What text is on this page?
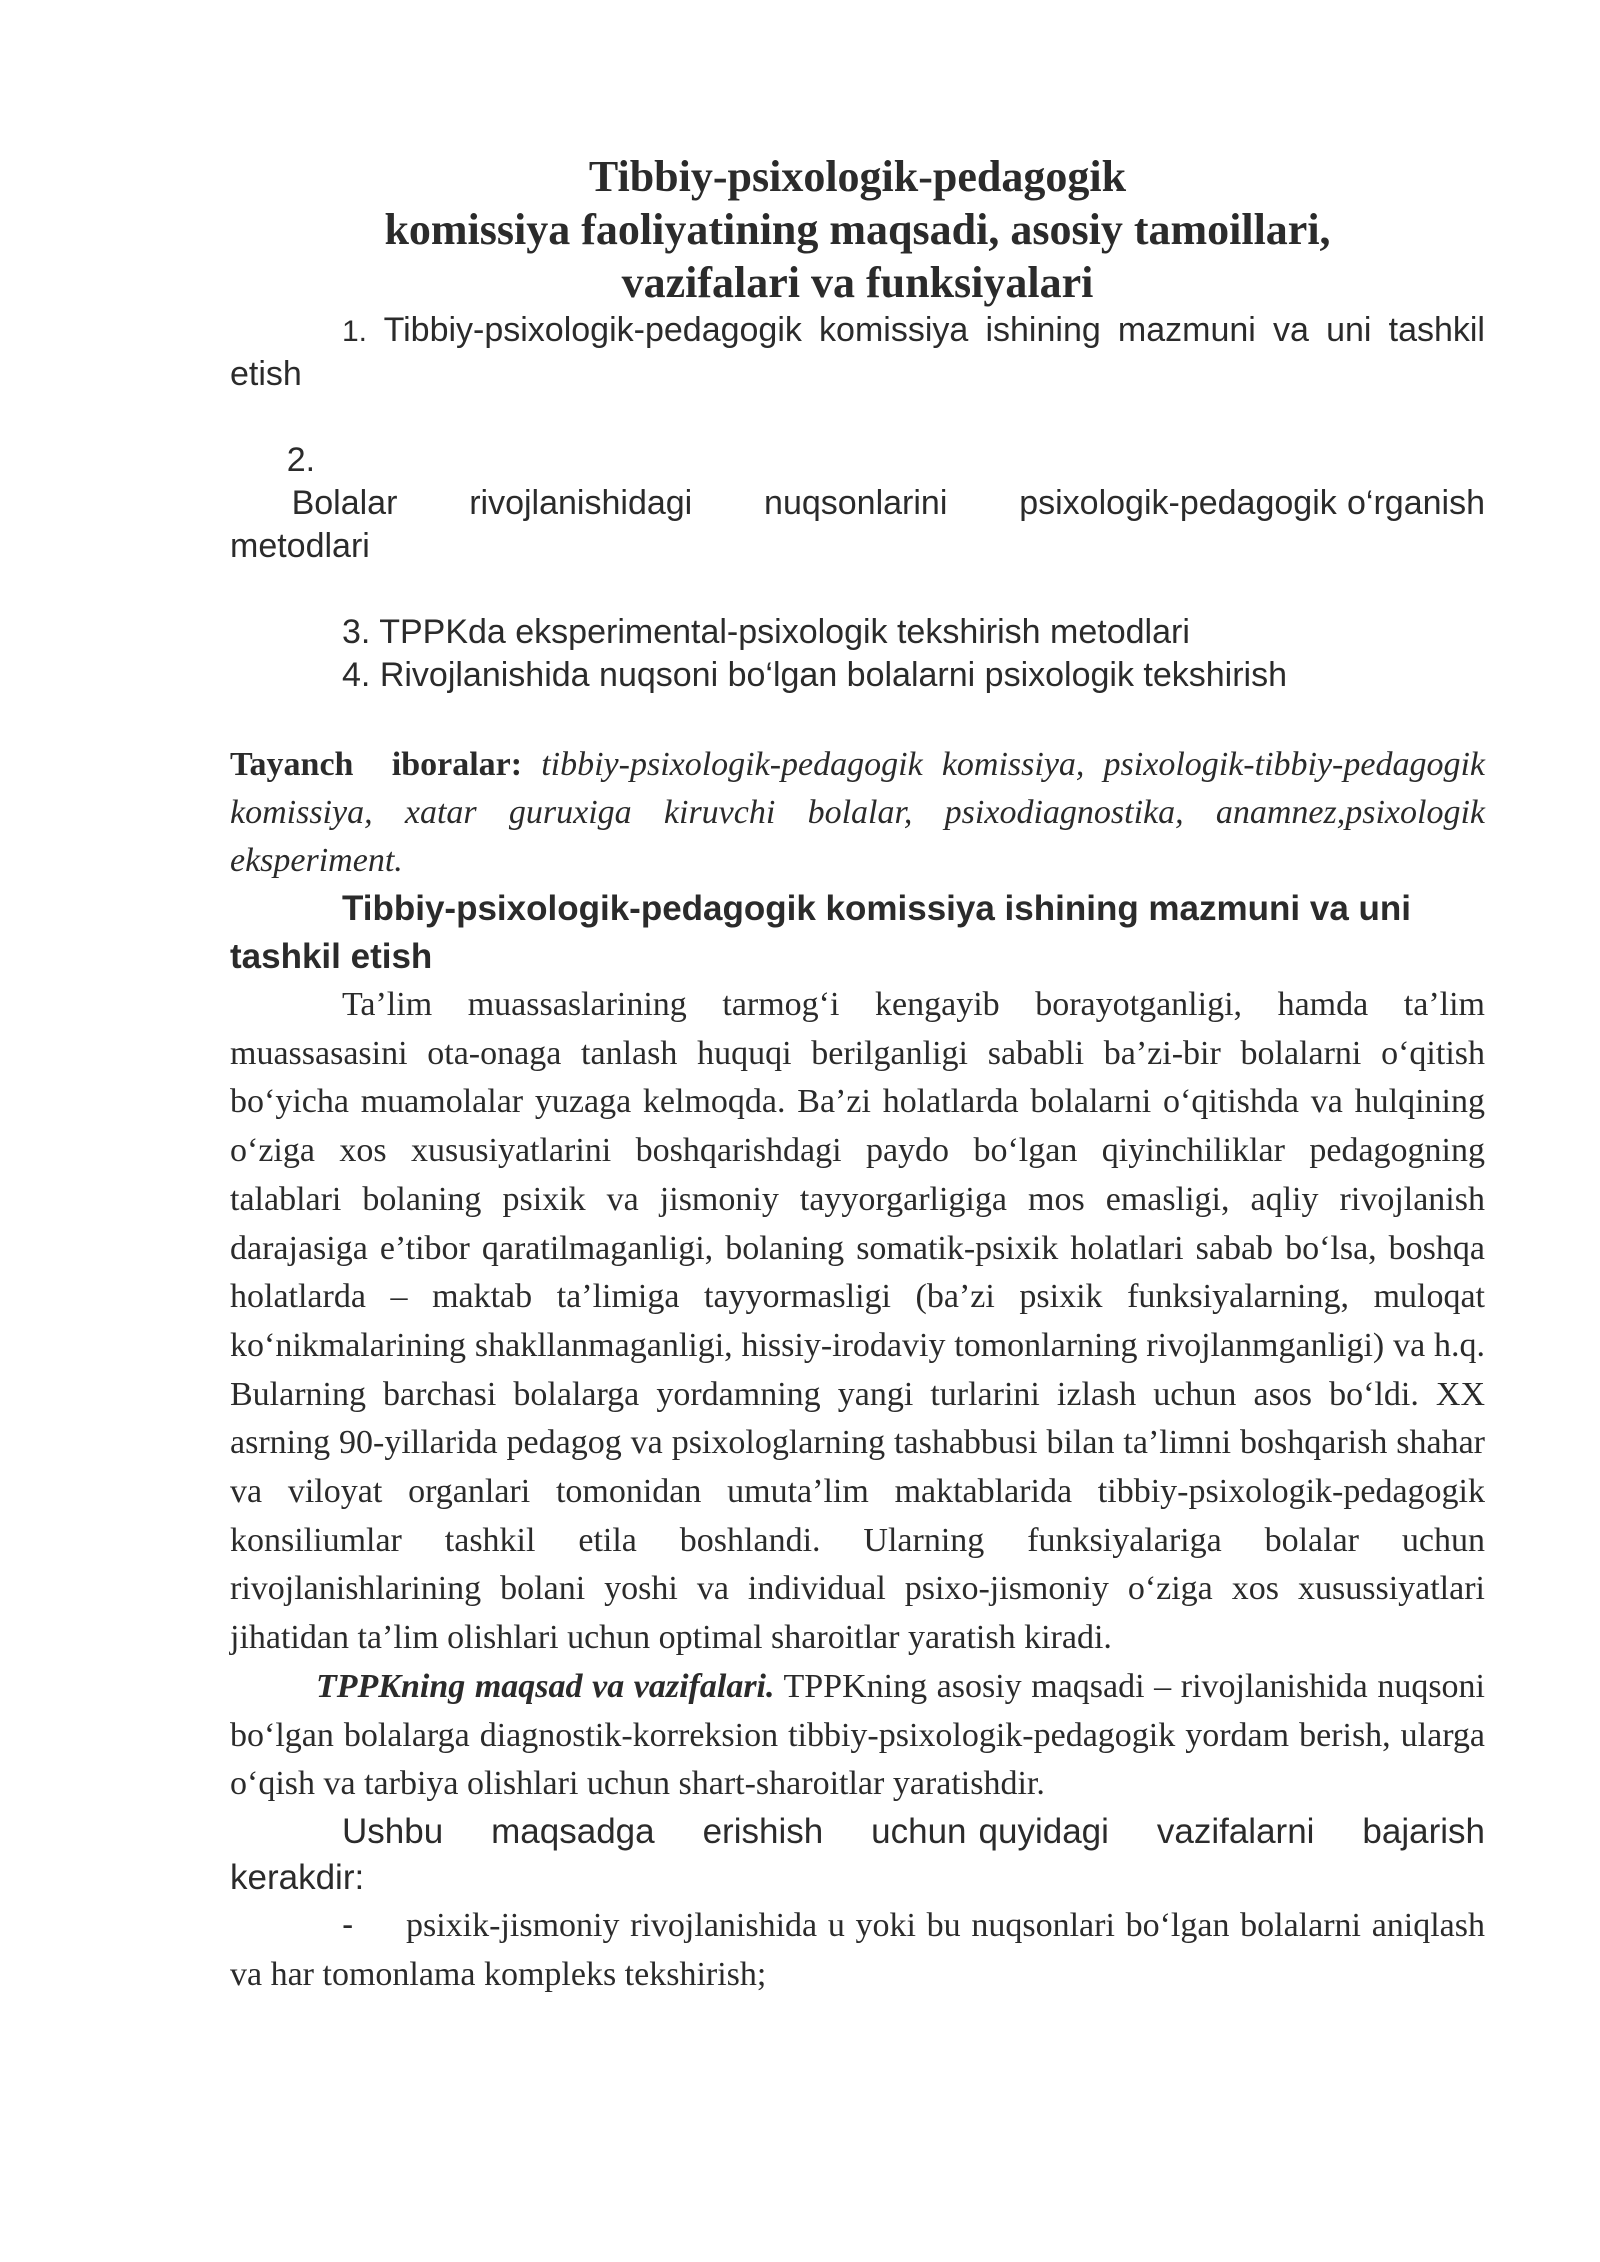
Tibbiy-psixologik-pedagogik
komissiya faoliyatining maqsadi, asosiy tamoillari,
vazifalari va funksiyalari
1. Tibbiy-psixologik-pedagogik komissiya ishining mazmuni va uni tashkil etish

2.
Bolalar       rivojlanishidagi       nuqsonlarini       psixologik-pedagogik o‘rganish metodlari

3. TPPKda eksperimental-psixologik tekshirish metodlari
4. Rivojlanishida nuqsoni bo‘lgan bolalarni psixologik tekshirish

Tayanch  iboralar: tibbiy-psixologik-pedagogik komissiya, psixologik-tibbiy-pedagogik komissiya, xatar guruxiga kiruvchi bolalar, psixodiagnostika, anamnez,psixologik eksperiment.

Tibbiy-psixologik-pedagogik komissiya ishining mazmuni va uni tashkil etish

Ta’lim muassaslarining tarmog‘i kengayib borayotganligi, hamda ta’lim muassasasini ota-onaga tanlash huquqi berilganligi sababli ba’zi-bir bolalarni o‘qitish bo‘yicha muamolalar yuzaga kelmoqda. Ba’zi holatlarda bolalarni o‘qitishda va hulqining o‘ziga xos xususiyatlarini boshqarishdagi paydo bo‘lgan qiyinchiliklar pedagogning talablari bolaning psixik va jismoniy tayyorgarligiga mos emasligi, aqliy rivojlanish darajasiga e’tibor qaratilmaganligi, bolaning somatik-psixik holatlari sabab bo‘lsa, boshqa holatlarda – maktab ta’limiga tayyormasligi (ba’zi psixik funksiyalarning, muloqat ko‘nikmalarining shakllanmaganligi, hissiy-irodaviy tomonlarning rivojlanmganligi) va h.q. Bularning barchasi bolalarga yordamning yangi turlarini izlash uchun asos bo‘ldi. XX asrning 90-yillarida pedagog va psixologlarning tashabbusi bilan ta’limni boshqarish shahar va viloyat organlari tomonidan umuta’lim maktablarida tibbiy-psixologik-pedagogik konsiliumlar tashkil etila boshlandi. Ularning funksiyalariga bolalar uchun rivojlanishlarining bolani yoshi va individual psixo-jismoniy o‘ziga xos xusussiyatlari jihatidan ta’lim olishlari uchun optimal sharoitlar yaratish kiradi.

TPPKning maqsad va vazifalari. TPPKning asosiy maqsadi – rivojlanishida nuqsoni bo‘lgan bolalarga diagnostik-korreksion tibbiy-psixologik-pedagogik yordam berish, ularga o‘qish va tarbiya olishlari uchun shart-sharoitlar yaratishdir.

Ushbu    maqsadga    erishish    uchun quyidagi    vazifalarni    bajarish kerakdir:

- psixik-jismoniy rivojlanishida u yoki bu nuqsonlari bo‘lgan bolalarni aniqlash va har tomonlama kompleks tekshirish;
